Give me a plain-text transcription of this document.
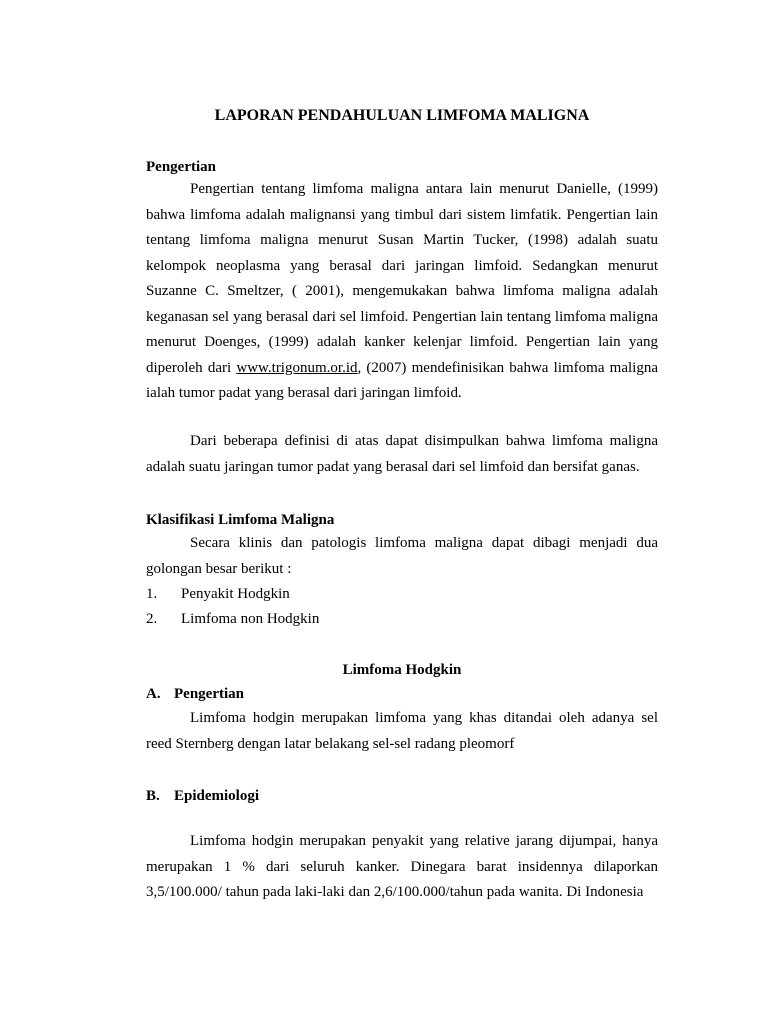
LAPORAN PENDAHULUAN LIMFOMA MALIGNA
Pengertian

Pengertian tentang limfoma maligna antara lain menurut Danielle, (1999) bahwa limfoma adalah malignansi yang timbul dari sistem limfatik. Pengertian lain tentang limfoma maligna menurut Susan Martin Tucker, (1998) adalah suatu kelompok neoplasma yang berasal dari jaringan limfoid. Sedangkan menurut Suzanne C. Smeltzer, ( 2001), mengemukakan bahwa limfoma maligna adalah keganasan sel yang berasal dari sel limfoid. Pengertian lain tentang limfoma maligna menurut Doenges, (1999) adalah kanker kelenjar limfoid. Pengertian lain yang diperoleh dari www.trigonum.or.id, (2007) mendefinisikan bahwa limfoma maligna ialah tumor padat yang berasal dari jaringan limfoid.

Dari beberapa definisi di atas dapat disimpulkan bahwa limfoma maligna adalah suatu jaringan tumor padat yang berasal dari sel limfoid dan bersifat ganas.

Klasifikasi Limfoma Maligna

Secara klinis dan patologis limfoma maligna dapat dibagi menjadi dua golongan besar berikut :

1. Penyakit Hodgkin
2. Limfoma non Hodgkin
Limfoma Hodgkin
A. Pengertian

Limfoma hodgin merupakan limfoma yang khas ditandai oleh adanya sel reed Sternberg dengan latar belakang sel-sel radang pleomorf

B. Epidemiologi

Limfoma hodgin merupakan penyakit yang relative jarang dijumpai, hanya merupakan 1 % dari seluruh kanker. Dinegara barat insidennya dilaporkan 3,5/100.000/ tahun pada laki-laki dan 2,6/100.000/tahun pada wanita. Di Indonesia
